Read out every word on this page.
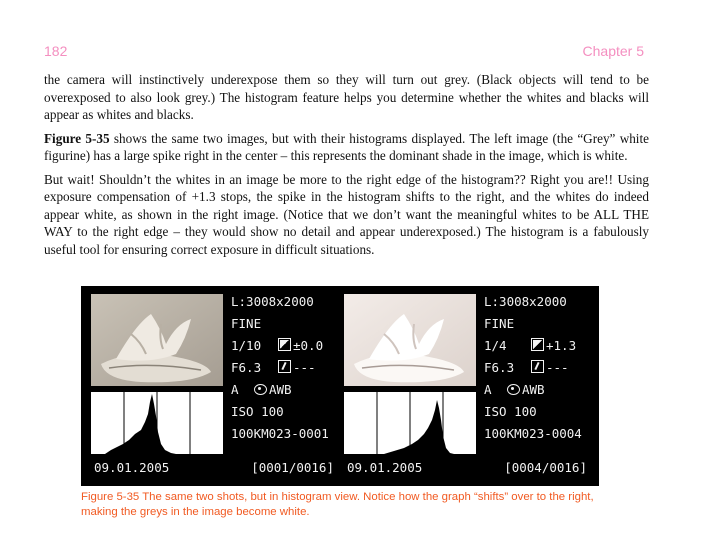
182	Chapter 5

the camera will instinctively underexpose them so they will turn out grey. (Black objects will tend to be overexposed to also look grey.) The histogram feature helps you determine whether the whites and blacks will appear as whites and blacks.

Figure 5-35 shows the same two images, but with their histograms displayed. The left image (the “Grey” white figurine) has a large spike right in the center – this represents the dominant shade in the image, which is white.

But wait! Shouldn’t the whites in an image be more to the right edge of the histogram?? Right you are!! Using exposure compensation of +1.3 stops, the spike in the histogram shifts to the right, and the whites do indeed appear white, as shown in the right image. (Notice that we don’t want the meaningful whites to be ALL THE WAY to the right edge – they would show no detail and appear underexposed.) The histogram is a fabulously useful tool for ensuring correct exposure in difficult situations.

L:3008x2000
FINE
1/10	±0.0
F6.3	---
A	AWB
ISO 100
100KM023-0001
09.01.2005	[0001/0016]
L:3008x2000
FINE
1/4	+1.3
F6.3	---
A	AWB
ISO 100
100KM023-0004
09.01.2005	[0004/0016]
Figure 5-35 The same two shots, but in histogram view. Notice how the graph “shifts” over to the right, making the greys in the image become white.
